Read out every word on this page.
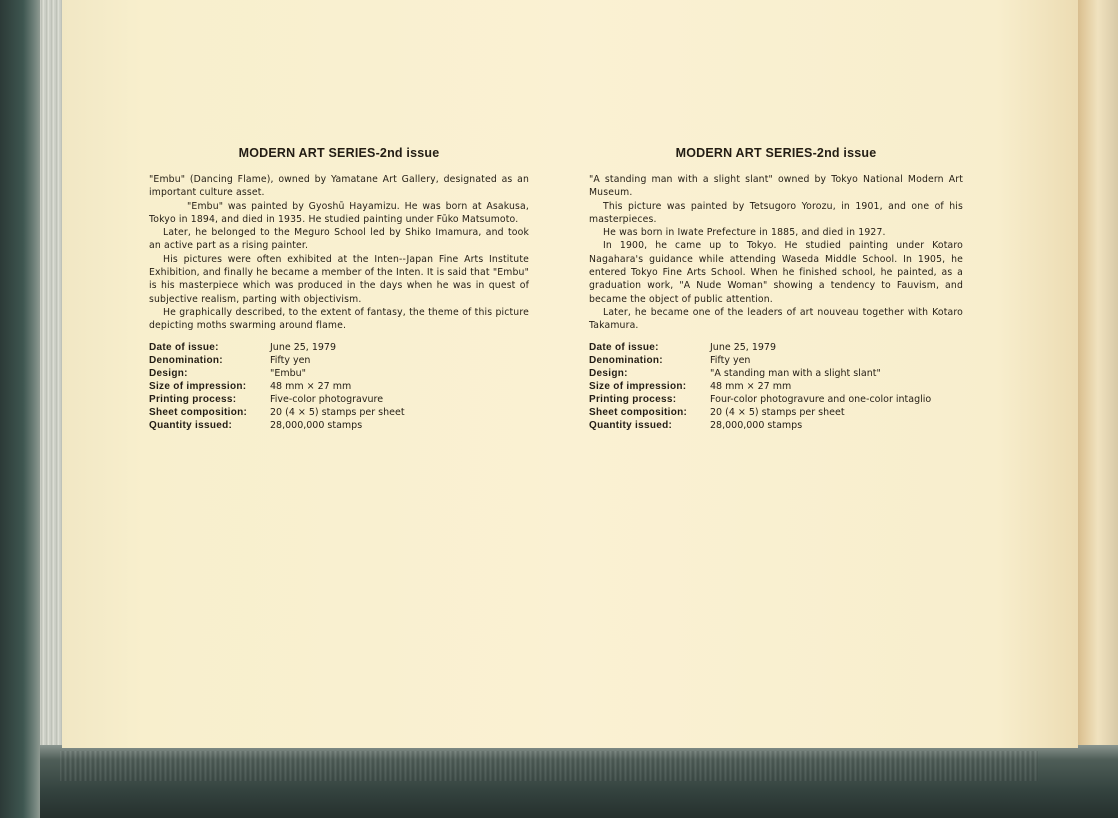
MODERN ART SERIES-2nd issue

"Embu" (Dancing Flame), owned by Yamatane Art Gallery, designated as an important culture asset.

"Embu" was painted by Gyoshū Hayamizu. He was born at Asakusa, Tokyo in 1894, and died in 1935. He studied painting under Fūko Matsumoto.

Later, he belonged to the Meguro School led by Shiko Imamura, and took an active part as a rising painter.

His pictures were often exhibited at the Inten--Japan Fine Arts Institute Exhibition, and finally he became a member of the Inten. It is said that "Embu" is his masterpiece which was produced in the days when he was in quest of subjective realism, parting with objectivism.

He graphically described, to the extent of fantasy, the theme of this picture depicting moths swarming around flame.

Date of issue:	June 25, 1979
Denomination:	Fifty yen
Design:	"Embu"
Size of impression:	48 mm × 27 mm
Printing process:	Five-color photogravure
Sheet composition:	20 (4 × 5) stamps per sheet
Quantity issued:	28,000,000 stamps
MODERN ART SERIES-2nd issue

"A standing man with a slight slant" owned by Tokyo National Modern Art Museum.

This picture was painted by Tetsugoro Yorozu, in 1901, and one of his masterpieces.

He was born in Iwate Prefecture in 1885, and died in 1927.

In 1900, he came up to Tokyo. He studied painting under Kotaro Nagahara's guidance while attending Waseda Middle School. In 1905, he entered Tokyo Fine Arts School. When he finished school, he painted, as a graduation work, "A Nude Woman" showing a tendency to Fauvism, and became the object of public attention.

Later, he became one of the leaders of art nouveau together with Kotaro Takamura.

Date of issue:	June 25, 1979
Denomination:	Fifty yen
Design:	"A standing man with a slight slant"
Size of impression:	48 mm × 27 mm
Printing process:	Four-color photogravure and one-color intaglio
Sheet composition:	20 (4 × 5) stamps per sheet
Quantity issued:	28,000,000 stamps
